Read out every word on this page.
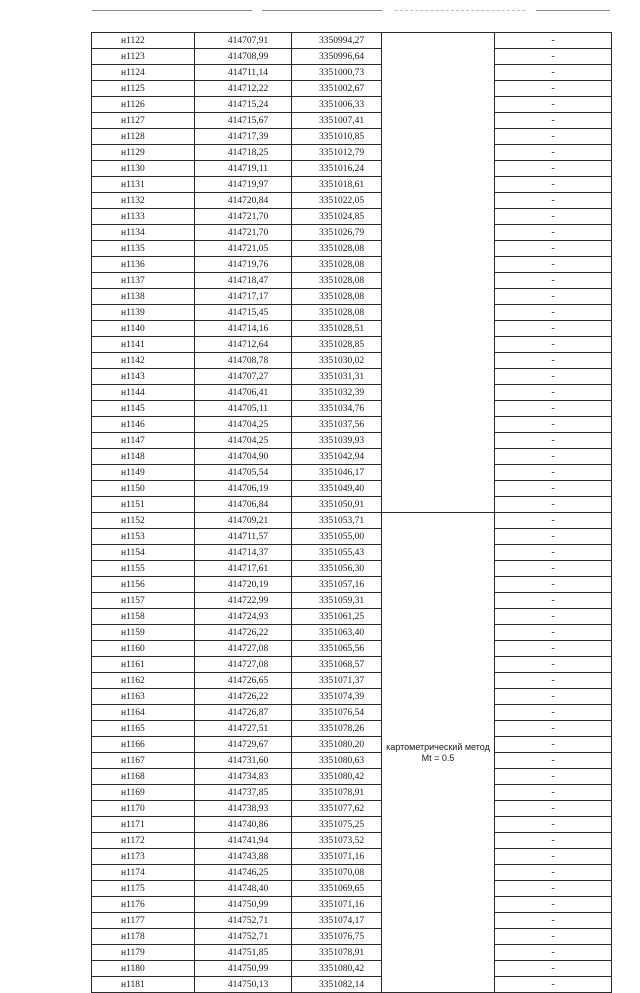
н1122	414707,91	3350994,27		-
н1123	414708,99	3350996,64		-
н1124	414711,14	3351000,73		-
н1125	414712,22	3351002,67		-
н1126	414715,24	3351006,33		-
н1127	414715,67	3351007,41		-
н1128	414717,39	3351010,85		-
н1129	414718,25	3351012,79		-
н1130	414719,11	3351016,24		-
н1131	414719,97	3351018,61		-
н1132	414720,84	3351022,05		-
н1133	414721,70	3351024,85		-
н1134	414721,70	3351026,79		-
н1135	414721,05	3351028,08		-
н1136	414719,76	3351028,08		-
н1137	414718,47	3351028,08		-
н1138	414717,17	3351028,08		-
н1139	414715,45	3351028,08		-
н1140	414714,16	3351028,51		-
н1141	414712,64	3351028,85		-
н1142	414708,78	3351030,02		-
н1143	414707,27	3351031,31		-
н1144	414706,41	3351032,39		-
н1145	414705,11	3351034,76		-
н1146	414704,25	3351037,56		-
н1147	414704,25	3351039,93		-
н1148	414704,90	3351042,94		-
н1149	414705,54	3351046,17		-
н1150	414706,19	3351049,40		-
н1151	414706,84	3351050,91		-
н1152	414709,21	3351053,71	картометрический метод Mt = 0.5	-
н1153	414711,57	3351055,00		-
н1154	414714,37	3351055,43		-
н1155	414717,61	3351056,30		-
н1156	414720,19	3351057,16		-
н1157	414722,99	3351059,31		-
н1158	414724,93	3351061,25		-
н1159	414726,22	3351063,40		-
н1160	414727,08	3351065,56		-
н1161	414727,08	3351068,57		-
н1162	414726,65	3351071,37		-
н1163	414726,22	3351074,39		-
н1164	414726,87	3351076,54		-
н1165	414727,51	3351078,26		-
н1166	414729,67	3351080,20		-
н1167	414731,60	3351080,63		-
н1168	414734,83	3351080,42		-
н1169	414737,85	3351078,91		-
н1170	414738,93	3351077,62		-
н1171	414740,86	3351075,25		-
н1172	414741,94	3351073,52		-
н1173	414743,88	3351071,16		-
н1174	414746,25	3351070,08		-
н1175	414748,40	3351069,65		-
н1176	414750,99	3351071,16		-
н1177	414752,71	3351074,17		-
н1178	414752,71	3351076,75		-
н1179	414751,85	3351078,91		-
н1180	414750,99	3351080,42		-
н1181	414750,13	3351082,14		-
